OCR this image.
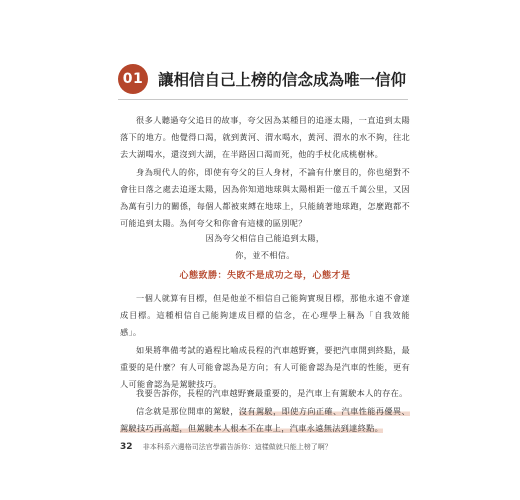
01 讓相信自己上榜的信念成為唯一信仰

很多人聽過夸父追日的故事，夸父因為某種目的追逐太陽，一直追到太陽落下的地方。他覺得口渴，就到黃河、渭水喝水，黃河、渭水的水不夠，往北去大湖喝水，還沒到大湖，在半路因口渴而死，他的手杖化成桃樹林。

身為現代人的你，即使有夸父的巨人身材，不論有什麼目的，你也絕對不會往日落之處去追逐太陽，因為你知道地球與太陽相距一億五千萬公里，又因為萬有引力的關係，每個人都被束縛在地球上，只能繞著地球跑，怎麼跑都不可能追到太陽。為何夸父和你會有這樣的區別呢？

因為夸父相信自己能追到太陽，

你，並不相信。

心態致勝：失敗不是成功之母，心態才是

一個人就算有目標，但是他並不相信自己能夠實現目標，那他永遠不會達成目標。這種相信自己能夠達成目標的信念，在心理學上稱為「自我效能感」。

如果將準備考試的過程比喻成長程的汽車越野賽，要把汽車開到終點，最重要的是什麼？有人可能會認為是方向；有人可能會認為是汽車的性能，更有人可能會認為是駕駛技巧。

我要告訴你，長程的汽車越野賽最重要的，是汽車上有駕駛本人的存在。

信念就是那位開車的駕駛，沒有駕駛，即使方向正確、汽車性能再優異、駕駛技巧再高超，但駕駛本人根本不在車上，汽車永遠無法到達終點。

32 非本科系六邊格司法官學霸告訴你：這樣做就只能上榜了啊？
